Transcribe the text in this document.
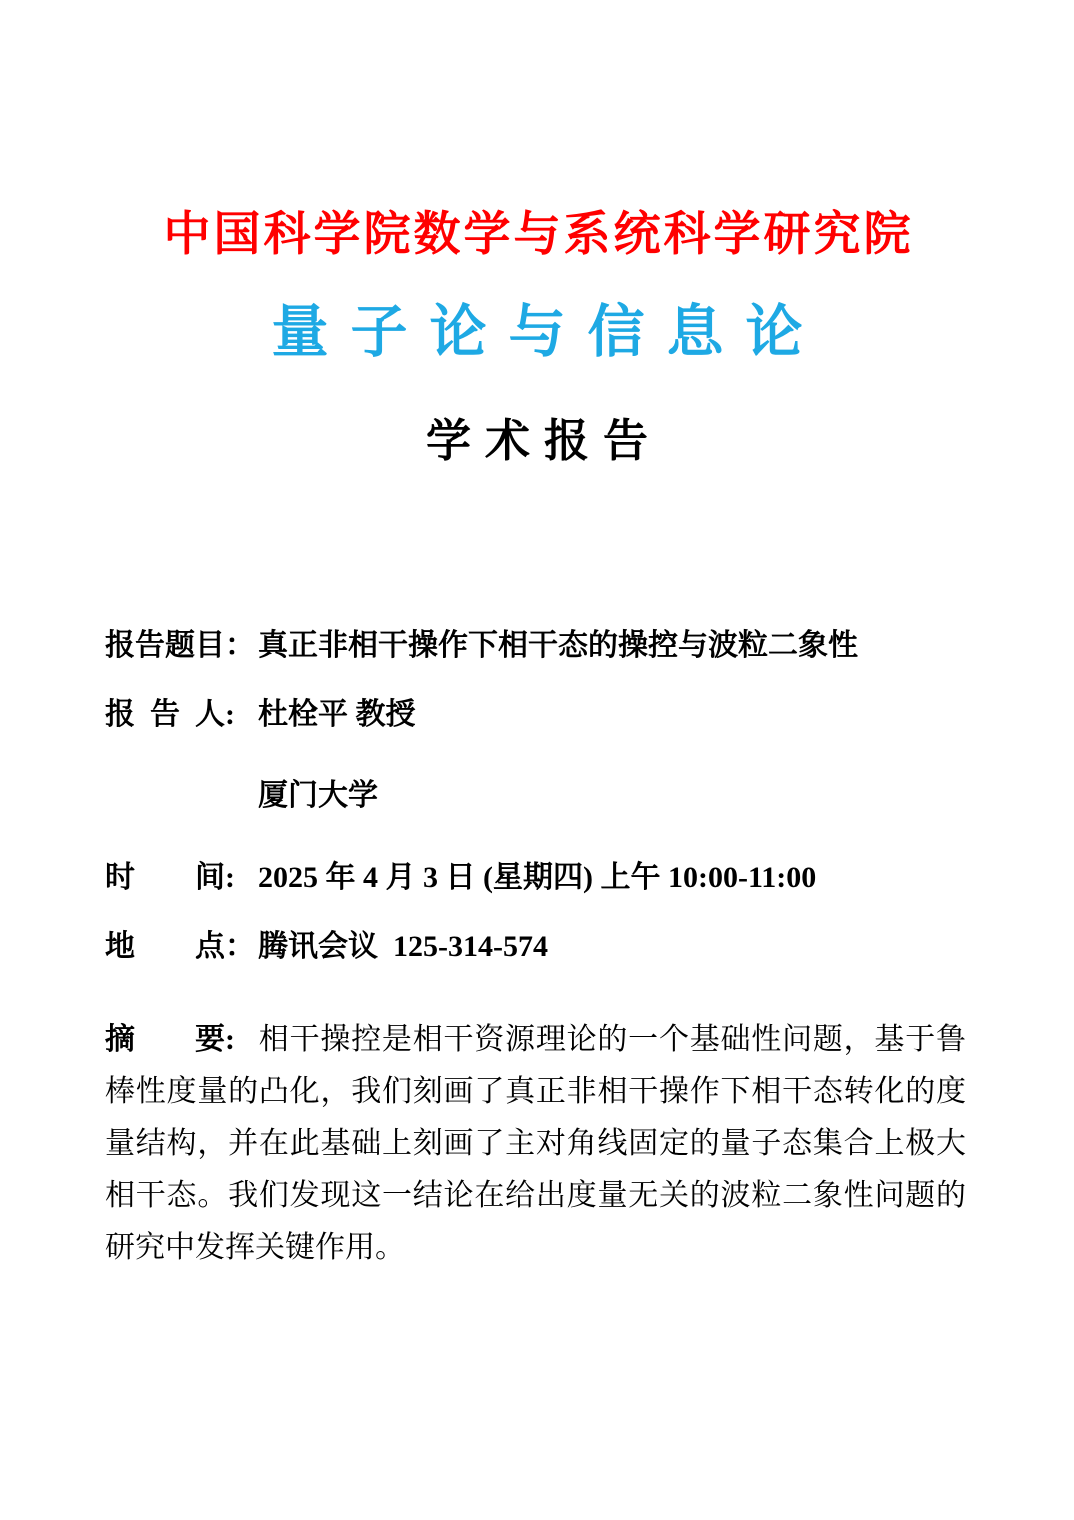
中国科学院数学与系统科学研究院
量子论与信息论
学术报告

报告题目： 真正非相干操作下相干态的操控与波粒二象性

报 告 人: 杜栓平 教授

厦门大学

时　　间: 2025 年 4 月 3 日 (星期四) 上午 10:00-11:00

地　　点： 腾讯会议  125-314-574

摘　　要: 相干操控是相干资源理论的一个基础性问题，基于鲁棒性度量的凸化，我们刻画了真正非相干操作下相干态转化的度量结构，并在此基础上刻画了主对角线固定的量子态集合上极大相干态。我们发现这一结论在给出度量无关的波粒二象性问题的研究中发挥关键作用。
